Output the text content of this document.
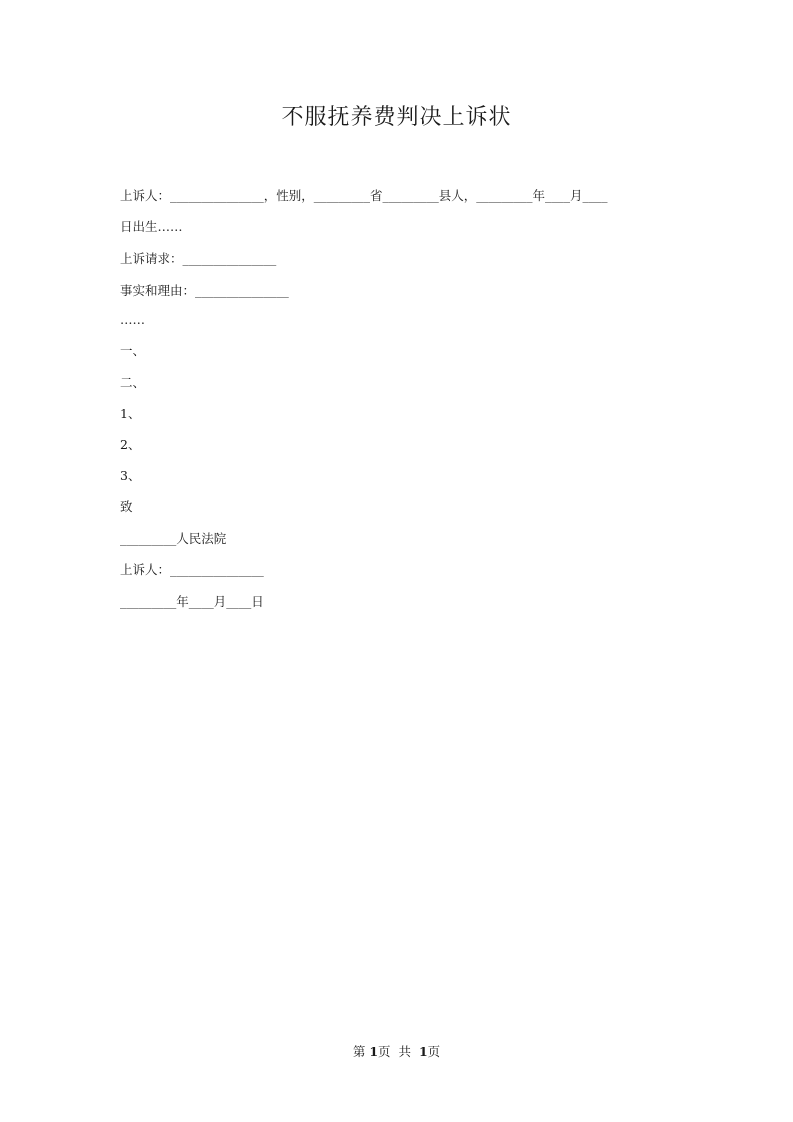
不服抚养费判决上诉状

上诉人：_______________，性别，_________省_________县人，_________年____月____

日出生……

上诉请求：_______________

事实和理由：_______________

……

一、

二、

1、

2、

3、

致

_________人民法院

上诉人：_______________

_________年____月____日

第 1页  共  1页
